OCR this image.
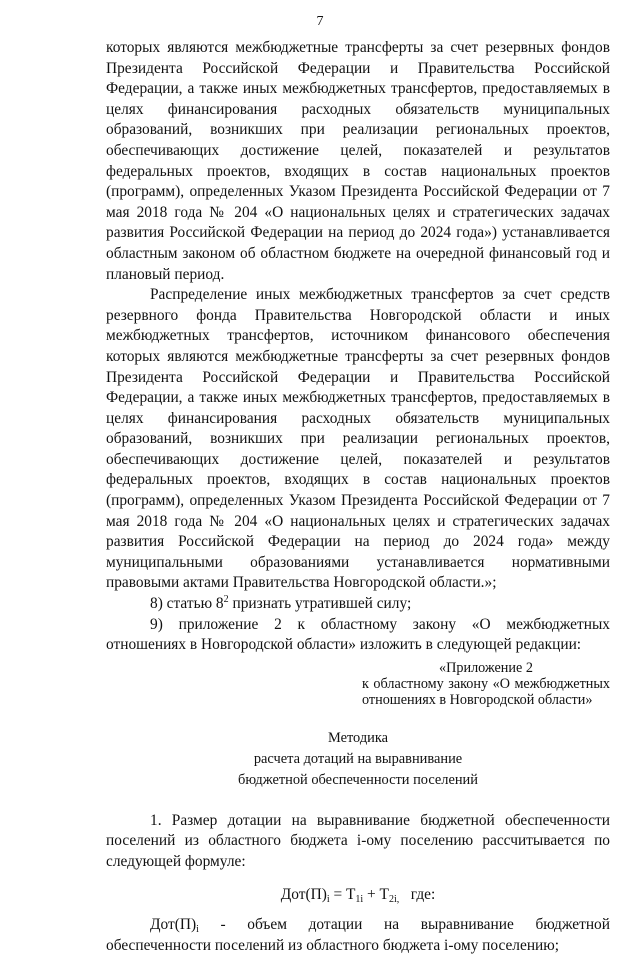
7

которых являются межбюджетные трансферты за счет резервных фондов Президента Российской Федерации и Правительства Российской Федерации, а также иных межбюджетных трансфертов, предоставляемых в целях финансирования расходных обязательств муниципальных образований, возникших при реализации региональных проектов, обеспечивающих достижение целей, показателей и результатов федеральных проектов, входящих в состав национальных проектов (программ), определенных Указом Президента Российской Федерации от 7 мая 2018 года № 204 «О национальных целях и стратегических задачах развития Российской Федерации на период до 2024 года») устанавливается областным законом об областном бюджете на очередной финансовый год и плановый период.

Распределение иных межбюджетных трансфертов за счет средств резервного фонда Правительства Новгородской области и иных межбюджетных трансфертов, источником финансового обеспечения которых являются межбюджетные трансферты за счет резервных фондов Президента Российской Федерации и Правительства Российской Федерации, а также иных межбюджетных трансфертов, предоставляемых в целях финансирования расходных обязательств муниципальных образований, возникших при реализации региональных проектов, обеспечивающих достижение целей, показателей и результатов федеральных проектов, входящих в состав национальных проектов (программ), определенных Указом Президента Российской Федерации от 7 мая 2018 года № 204 «О национальных целях и стратегических задачах развития Российской Федерации на период до 2024 года» между муниципальными образованиями устанавливается нормативными правовыми актами Правительства Новгородской области.»;

8) статью $8^2$ признать утратившей силу;

9) приложение 2 к областному закону «О межбюджетных отношениях в Новгородской области» изложить в следующей редакции:

«Приложение 2
к областному закону «О межбюджетных отношениях в Новгородской области»

Методика

расчета дотаций на выравнивание

бюджетной обеспеченности поселений

1. Размер дотации на выравнивание бюджетной обеспеченности поселений из областного бюджета i-ому поселению рассчитывается по следующей формуле:

$Дот(П)_i = Т_{1i} + Т_{2i,}$ где:

$Дот(П)_i$ - объем дотации на выравнивание бюджетной обеспеченности поселений из областного бюджета i-ому поселению;
